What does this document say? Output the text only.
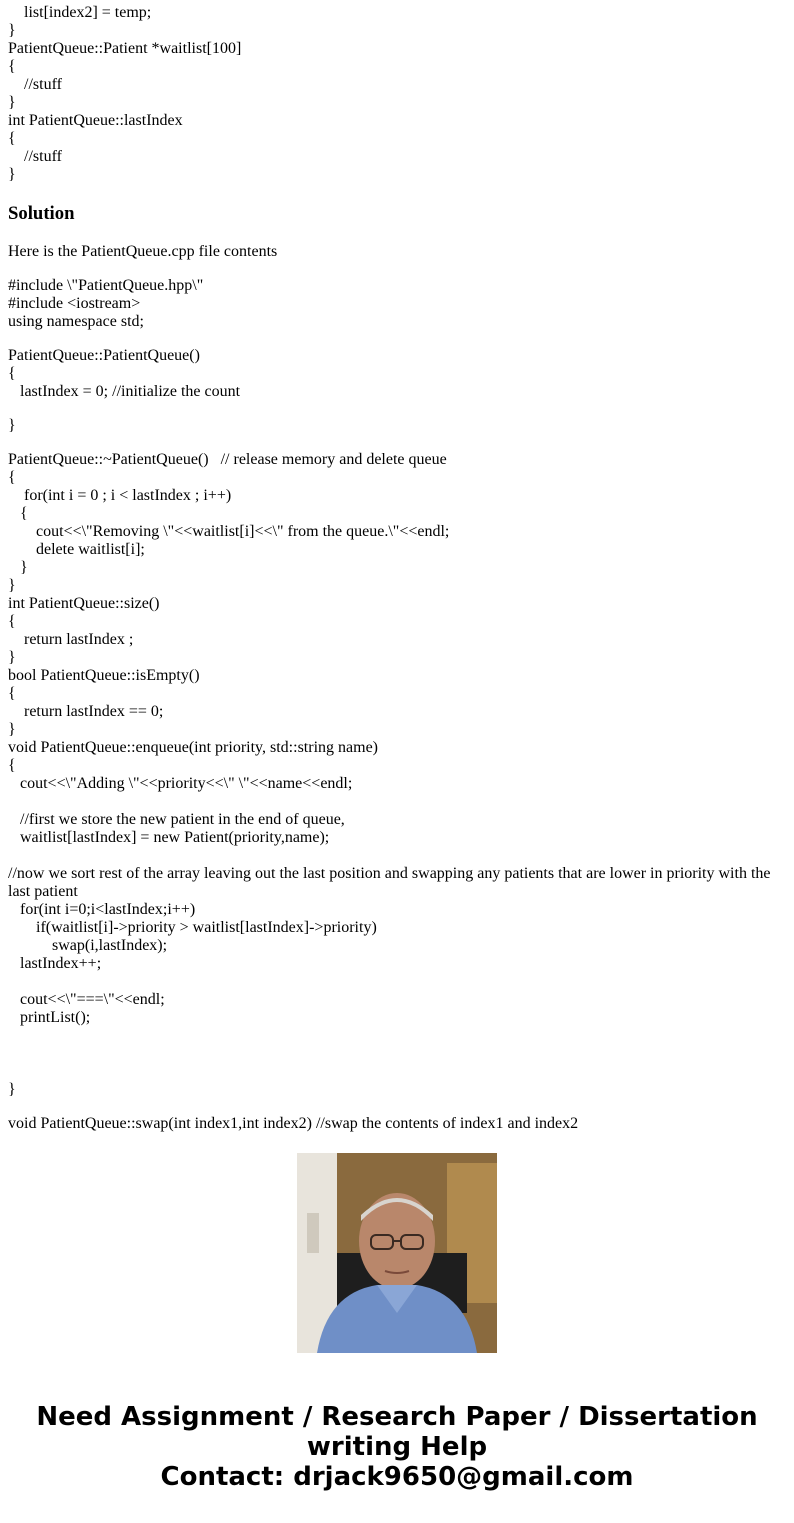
list[index2] = temp;
}
PatientQueue::Patient *waitlist[100]
{
//stuff
}
int PatientQueue::lastIndex
{
//stuff
}
Solution
Here is the PatientQueue.cpp file contents
#include \"PatientQueue.hpp\"
#include <iostream>
using namespace std;
PatientQueue::PatientQueue()
{
lastIndex = 0; //initialize the count
}
PatientQueue::~PatientQueue()   // release memory and delete queue
{
for(int i = 0 ; i < lastIndex ; i++)
{
cout<<\"Removing \"<<waitlist[i]<<\" from the queue.\"<<endl;
delete waitlist[i];
}
}
int PatientQueue::size()
{
return lastIndex ;
}
bool PatientQueue::isEmpty()
{
return lastIndex == 0;
}
void PatientQueue::enqueue(int priority, std::string name)
{
cout<<\"Adding \"<<priority<<\" \"<<name<<endl;
//first we store the new patient in the end of queue,
waitlist[lastIndex] = new Patient(priority,name);
//now we sort rest of the array leaving out the last position and swapping any patients that are lower in priority with the last patient
for(int i=0;i<lastIndex;i++)
if(waitlist[i]->priority > waitlist[lastIndex]->priority)
swap(i,lastIndex);
lastIndex++;
cout<<\"===\"<<endl;
printList();
}
void PatientQueue::swap(int index1,int index2) //swap the contents of index1 and index2
Need Assignment / Research Paper / Dissertation writing Help
Contact: drjack9650@gmail.com
